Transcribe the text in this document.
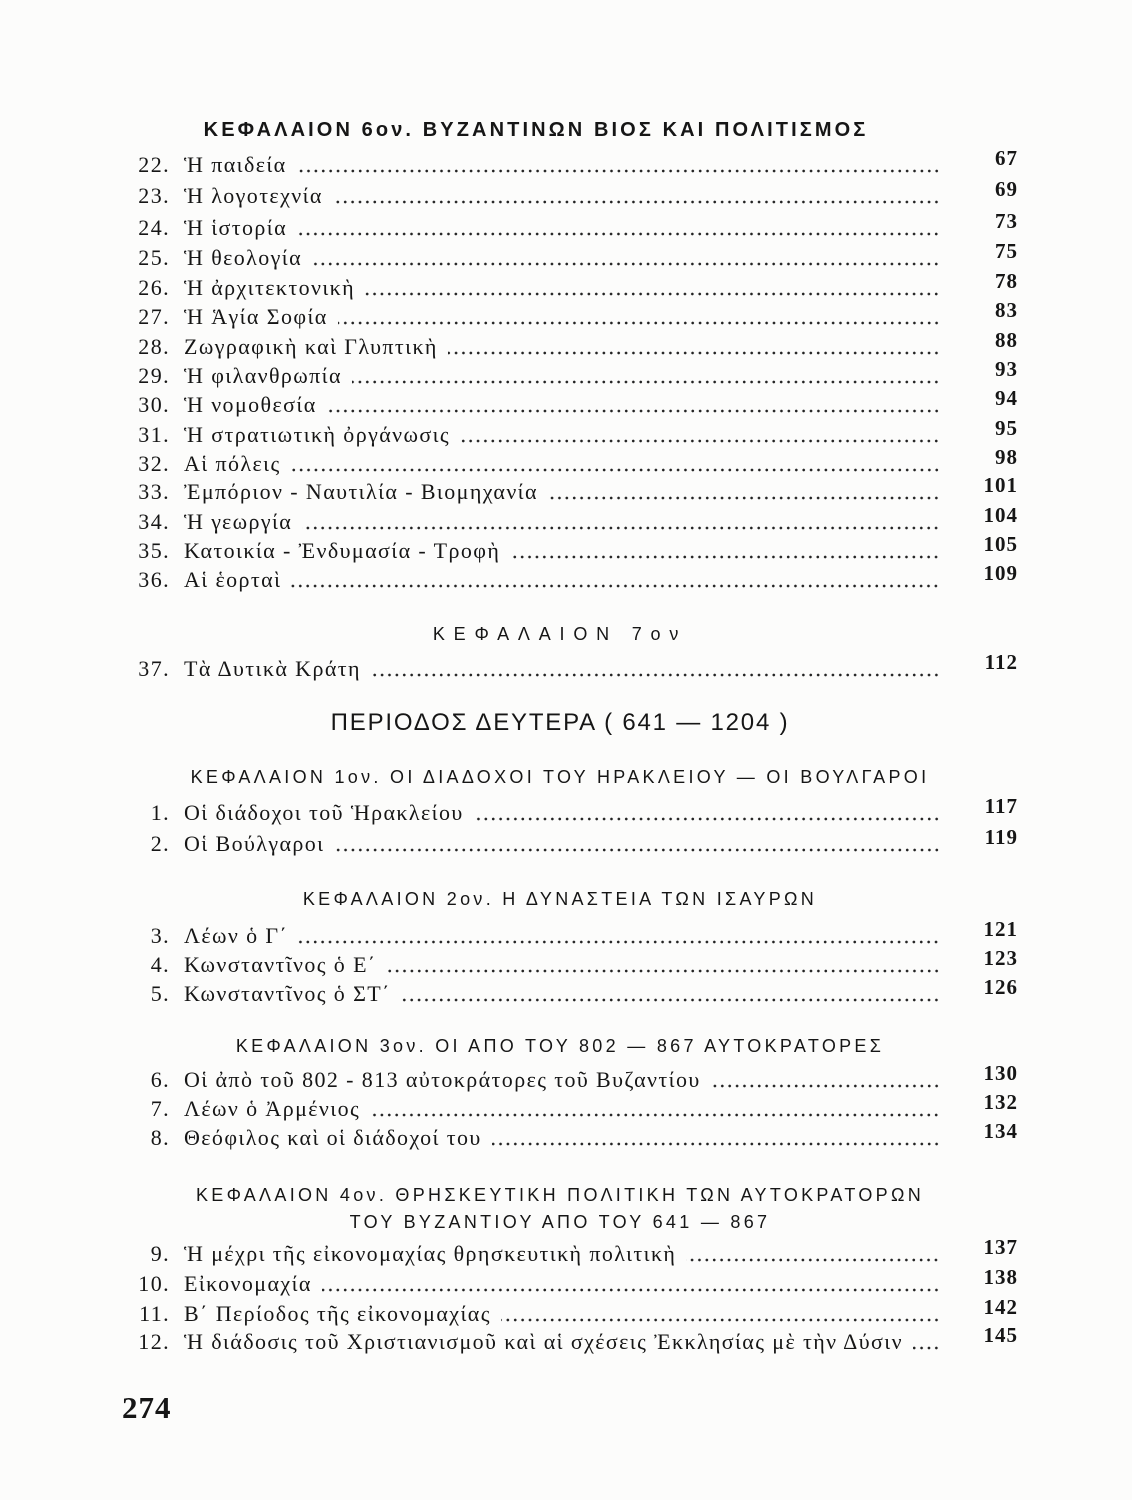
ΚΕΦΑΛΑΙΟΝ 6ον. ΒΥΖΑΝΤΙΝΩΝ ΒΙΟΣ ΚΑΙ ΠΟΛΙΤΙΣΜΟΣ
22. Ἡ παιδεία	67
23. Ἡ λογοτεχνία	69
24. Ἡ ἱστορία	73
25. Ἡ θεολογία	75
26. Ἡ ἀρχιτεκτονικὴ	78
27. Ἡ Ἁγία Σοφία	83
28. Ζωγραφικὴ καὶ Γλυπτικὴ	88
29. Ἡ φιλανθρωπία	93
30. Ἡ νομοθεσία	94
31. Ἡ στρατιωτικὴ ὀργάνωσις	95
32. Αἱ πόλεις	98
33. Ἐμπόριον - Ναυτιλία - Βιομηχανία	101
34. Ἡ γεωργία	104
35. Κατοικία - Ἐνδυμασία - Τροφὴ	105
36. Αἱ ἑορταὶ	109
ΚΕΦΑΛΑΙΟΝ 7ον
37. Τὰ Δυτικὰ Κράτη	112
ΠΕΡΙΟΔΟΣ ΔΕΥΤΕΡΑ ( 641 — 1204 )
ΚΕΦΑΛΑΙΟΝ 1ον. ΟΙ ΔΙΑΔΟΧΟΙ ΤΟΥ ΗΡΑΚΛΕΙΟΥ — ΟΙ ΒΟΥΛΓΑΡΟΙ
1. Οἱ διάδοχοι τοῦ Ἡρακλείου	117
2. Οἱ Βούλγαροι	119
ΚΕΦΑΛΑΙΟΝ 2ον. Η ΔΥΝΑΣΤΕΙΑ ΤΩΝ ΙΣΑΥΡΩΝ
3. Λέων ὁ Γ΄	121
4. Κωνσταντῖνος ὁ Ε΄	123
5. Κωνσταντῖνος ὁ ΣΤ΄	126
ΚΕΦΑΛΑΙΟΝ 3ον. ΟΙ ΑΠΟ ΤΟΥ 802 — 867 ΑΥΤΟΚΡΑΤΟΡΕΣ
6. Οἱ ἀπὸ τοῦ 802 - 813 αὐτοκράτορες τοῦ Βυζαντίου	130
7. Λέων ὁ Ἀρμένιος	132
8. Θεόφιλος καὶ οἱ διάδοχοί του	134
ΚΕΦΑΛΑΙΟΝ 4ον. ΘΡΗΣΚΕΥΤΙΚΗ ΠΟΛΙΤΙΚΗ ΤΩΝ ΑΥΤΟΚΡΑΤΟΡΩΝ
ΤΟΥ ΒΥΖΑΝΤΙΟΥ ΑΠΟ ΤΟΥ 641 — 867
9. Ἡ μέχρι τῆς εἰκονομαχίας θρησκευτικὴ πολιτικὴ	137
10. Εἰκονομαχία	138
11. Β΄ Περίοδος τῆς εἰκονομαχίας	142
12. Ἡ διάδοσις τοῦ Χριστιανισμοῦ καὶ αἱ σχέσεις Ἐκκλησίας μὲ τὴν Δύσιν	145
274
